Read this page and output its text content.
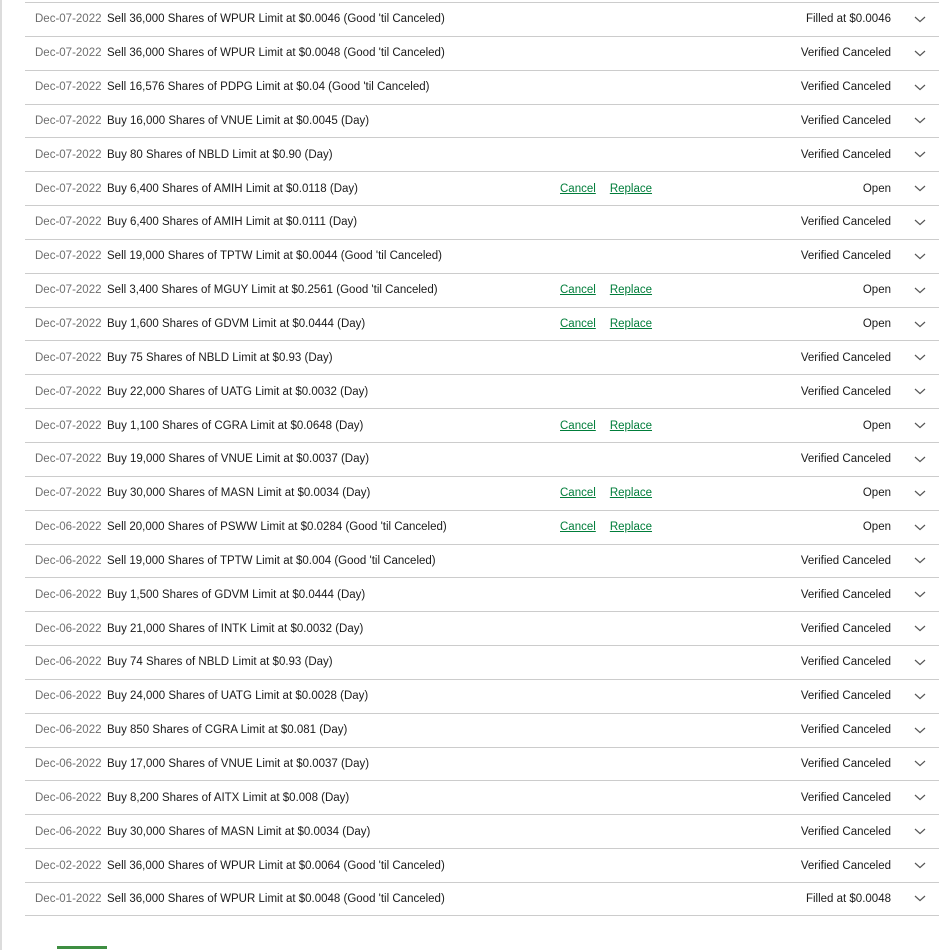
Dec-07-2022 Sell 36,000 Shares of WPUR Limit at $0.0046 (Good 'til Canceled)	Filled at $0.0046
Dec-07-2022 Sell 36,000 Shares of WPUR Limit at $0.0048 (Good 'til Canceled)	Verified Canceled
Dec-07-2022 Sell 16,576 Shares of PDPG Limit at $0.04 (Good 'til Canceled)	Verified Canceled
Dec-07-2022 Buy 16,000 Shares of VNUE Limit at $0.0045 (Day)	Verified Canceled
Dec-07-2022 Buy 80 Shares of NBLD Limit at $0.90 (Day)	Verified Canceled
Dec-07-2022 Buy 6,400 Shares of AMIH Limit at $0.0118 (Day)	Cancel Replace	Open
Dec-07-2022 Buy 6,400 Shares of AMIH Limit at $0.0111 (Day)	Verified Canceled
Dec-07-2022 Sell 19,000 Shares of TPTW Limit at $0.0044 (Good 'til Canceled)	Verified Canceled
Dec-07-2022 Sell 3,400 Shares of MGUY Limit at $0.2561 (Good 'til Canceled)	Cancel Replace	Open
Dec-07-2022 Buy 1,600 Shares of GDVM Limit at $0.0444 (Day)	Cancel Replace	Open
Dec-07-2022 Buy 75 Shares of NBLD Limit at $0.93 (Day)	Verified Canceled
Dec-07-2022 Buy 22,000 Shares of UATG Limit at $0.0032 (Day)	Verified Canceled
Dec-07-2022 Buy 1,100 Shares of CGRA Limit at $0.0648 (Day)	Cancel Replace	Open
Dec-07-2022 Buy 19,000 Shares of VNUE Limit at $0.0037 (Day)	Verified Canceled
Dec-07-2022 Buy 30,000 Shares of MASN Limit at $0.0034 (Day)	Cancel Replace	Open
Dec-06-2022 Sell 20,000 Shares of PSWW Limit at $0.0284 (Good 'til Canceled)	Cancel Replace	Open
Dec-06-2022 Sell 19,000 Shares of TPTW Limit at $0.004 (Good 'til Canceled)	Verified Canceled
Dec-06-2022 Buy 1,500 Shares of GDVM Limit at $0.0444 (Day)	Verified Canceled
Dec-06-2022 Buy 21,000 Shares of INTK Limit at $0.0032 (Day)	Verified Canceled
Dec-06-2022 Buy 74 Shares of NBLD Limit at $0.93 (Day)	Verified Canceled
Dec-06-2022 Buy 24,000 Shares of UATG Limit at $0.0028 (Day)	Verified Canceled
Dec-06-2022 Buy 850 Shares of CGRA Limit at $0.081 (Day)	Verified Canceled
Dec-06-2022 Buy 17,000 Shares of VNUE Limit at $0.0037 (Day)	Verified Canceled
Dec-06-2022 Buy 8,200 Shares of AITX Limit at $0.008 (Day)	Verified Canceled
Dec-06-2022 Buy 30,000 Shares of MASN Limit at $0.0034 (Day)	Verified Canceled
Dec-02-2022 Sell 36,000 Shares of WPUR Limit at $0.0064 (Good 'til Canceled)	Verified Canceled
Dec-01-2022 Sell 36,000 Shares of WPUR Limit at $0.0048 (Good 'til Canceled)	Filled at $0.0048
